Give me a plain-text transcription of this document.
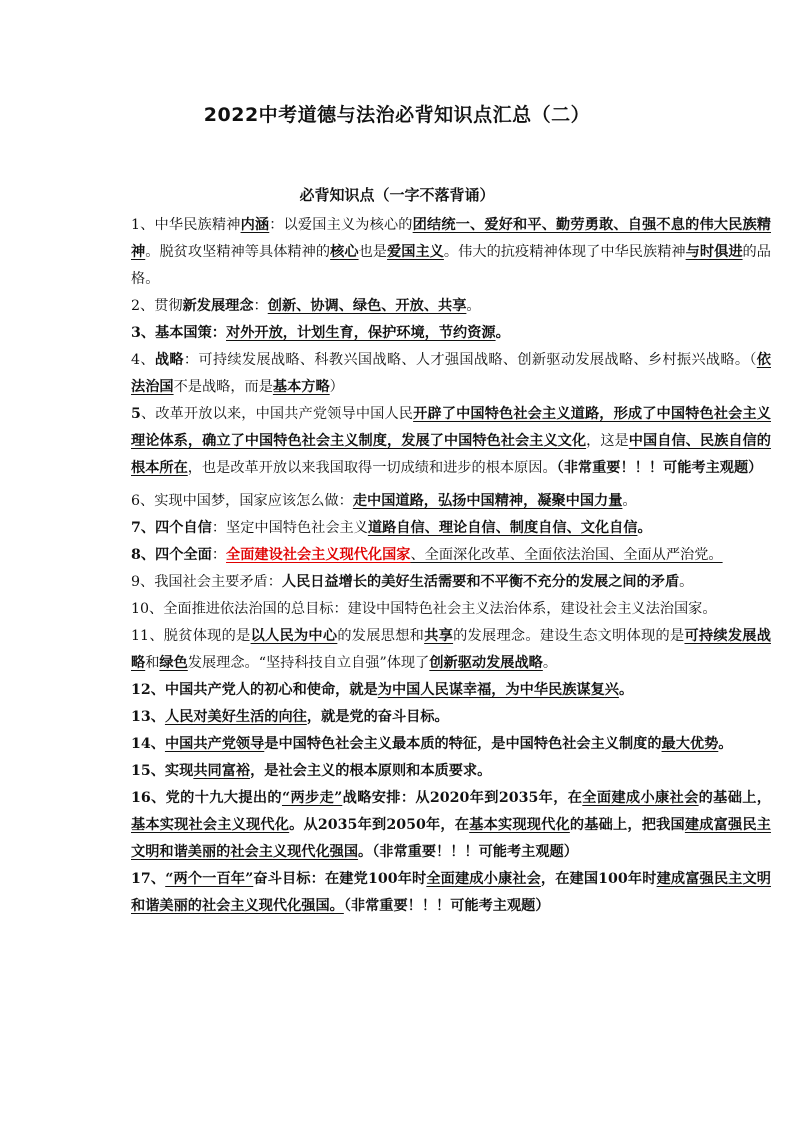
2022中考道德与法治必背知识点汇总（二）
必背知识点（一字不落背诵）
1、中华民族精神内涵：以爱国主义为核心的团结统一、爱好和平、勤劳勇敢、自强不息的伟大民族精神。脱贫攻坚精神等具体精神的核心也是爱国主义。伟大的抗疫精神体现了中华民族精神与时俱进的品格。
2、贯彻新发展理念：创新、协调、绿色、开放、共享。
3、基本国策：对外开放，计划生育，保护环境，节约资源。
4、战略：可持续发展战略、科教兴国战略、人才强国战略、创新驱动发展战略、乡村振兴战略。（依法治国不是战略，而是基本方略）
5、改革开放以来，中国共产党领导中国人民开辟了中国特色社会主义道路，形成了中国特色社会主义理论体系，确立了中国特色社会主义制度，发展了中国特色社会主义文化，这是中国自信、民族自信的根本所在，也是改革开放以来我国取得一切成绩和进步的根本原因。（非常重要！！！可能考主观题）
6、实现中国梦，国家应该怎么做：走中国道路，弘扬中国精神，凝聚中国力量。
7、四个自信：坚定中国特色社会主义道路自信、理论自信、制度自信、文化自信。
8、四个全面：全面建设社会主义现代化国家、全面深化改革、全面依法治国、全面从严治党。
9、我国社会主要矛盾：人民日益增长的美好生活需要和不平衡不充分的发展之间的矛盾。
10、全面推进依法治国的总目标：建设中国特色社会主义法治体系，建设社会主义法治国家。
11、脱贫体现的是以人民为中心的发展思想和共享的发展理念。建设生态文明体现的是可持续发展战略和绿色发展理念。“坚持科技自立自强”体现了创新驱动发展战略。
12、中国共产党人的初心和使命，就是为中国人民谋幸福，为中华民族谋复兴。
13、人民对美好生活的向往，就是党的奋斗目标。
14、中国共产党领导是中国特色社会主义最本质的特征，是中国特色社会主义制度的最大优势。
15、实现共同富裕，是社会主义的根本原则和本质要求。
16、党的十九大提出的“两步走”战略安排：从2020年到2035年，在全面建成小康社会的基础上，基本实现社会主义现代化。从2035年到2050年，在基本实现现代化的基础上，把我国建成富强民主文明和谐美丽的社会主义现代化强国。（非常重要！！！可能考主观题）
17、“两个一百年”奋斗目标：在建党100年时全面建成小康社会，在建国100年时建成富强民主文明和谐美丽的社会主义现代化强国。（非常重要！！！可能考主观题）
